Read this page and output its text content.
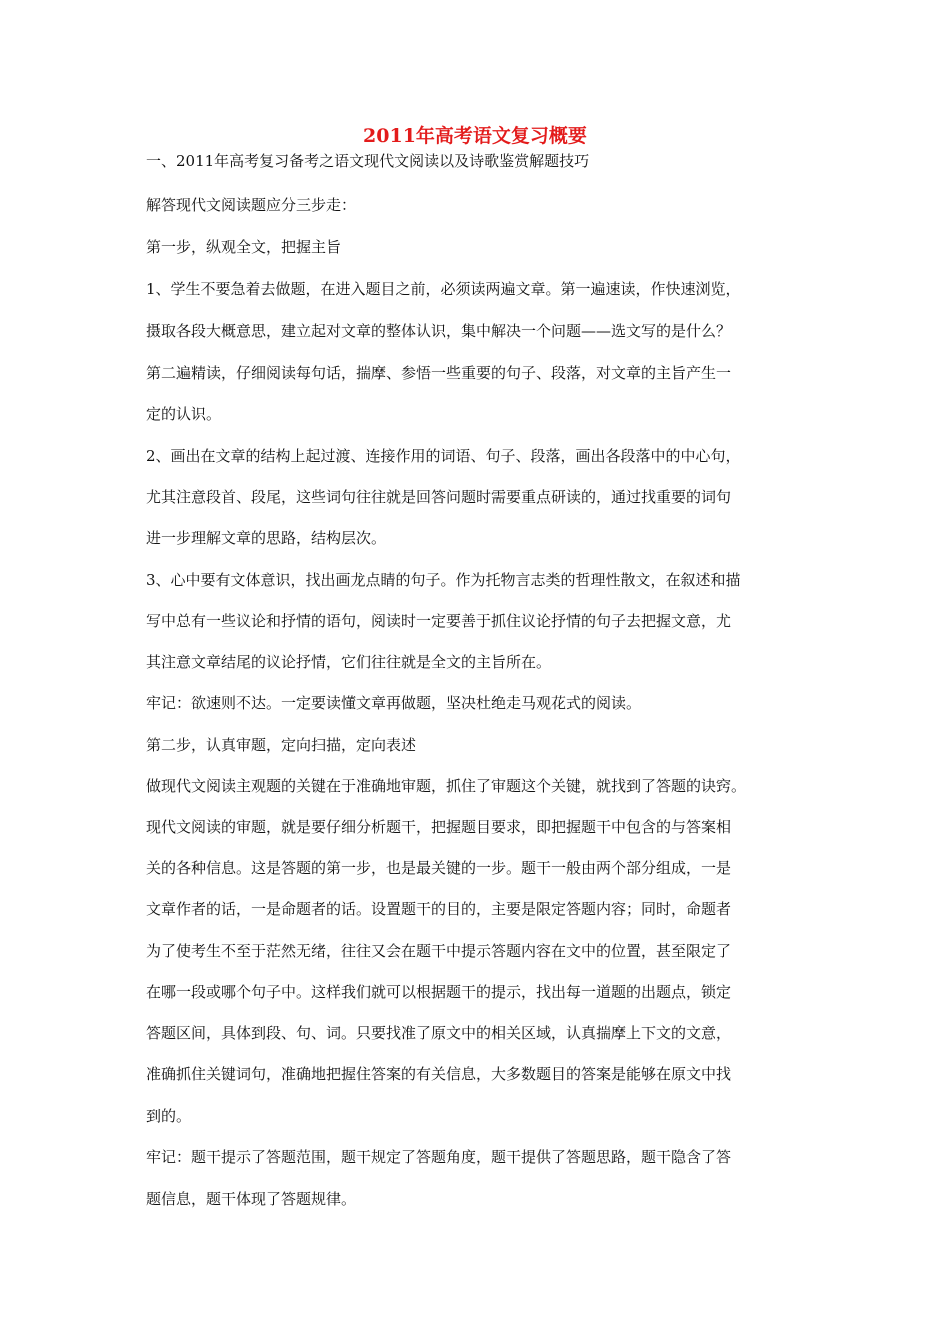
2011年高考语文复习概要
一、2011年高考复习备考之语文现代文阅读以及诗歌鉴赏解题技巧
解答现代文阅读题应分三步走：
第一步，纵观全文，把握主旨
1、学生不要急着去做题，在进入题目之前，必须读两遍文章。第一遍速读，作快速浏览，
摄取各段大概意思，建立起对文章的整体认识，集中解决一个问题——选文写的是什么？
第二遍精读，仔细阅读每句话，揣摩、参悟一些重要的句子、段落，对文章的主旨产生一
定的认识。
2、画出在文章的结构上起过渡、连接作用的词语、句子、段落，画出各段落中的中心句，
尤其注意段首、段尾，这些词句往往就是回答问题时需要重点研读的，通过找重要的词句
进一步理解文章的思路，结构层次。
3、心中要有文体意识，找出画龙点睛的句子。作为托物言志类的哲理性散文，在叙述和描
写中总有一些议论和抒情的语句，阅读时一定要善于抓住议论抒情的句子去把握文意，尤
其注意文章结尾的议论抒情，它们往往就是全文的主旨所在。
牢记：欲速则不达。一定要读懂文章再做题，坚决杜绝走马观花式的阅读。
第二步，认真审题，定向扫描，定向表述
做现代文阅读主观题的关键在于准确地审题，抓住了审题这个关键，就找到了答题的诀窍。
现代文阅读的审题，就是要仔细分析题干，把握题目要求，即把握题干中包含的与答案相
关的各种信息。这是答题的第一步，也是最关键的一步。题干一般由两个部分组成，一是
文章作者的话，一是命题者的话。设置题干的目的，主要是限定答题内容；同时，命题者
为了使考生不至于茫然无绪，往往又会在题干中提示答题内容在文中的位置，甚至限定了
在哪一段或哪个句子中。这样我们就可以根据题干的提示，找出每一道题的出题点，锁定
答题区间，具体到段、句、词。只要找准了原文中的相关区域，认真揣摩上下文的文意，
准确抓住关键词句，准确地把握住答案的有关信息，大多数题目的答案是能够在原文中找
到的。
牢记：题干提示了答题范围，题干规定了答题角度，题干提供了答题思路，题干隐含了答
题信息，题干体现了答题规律。
